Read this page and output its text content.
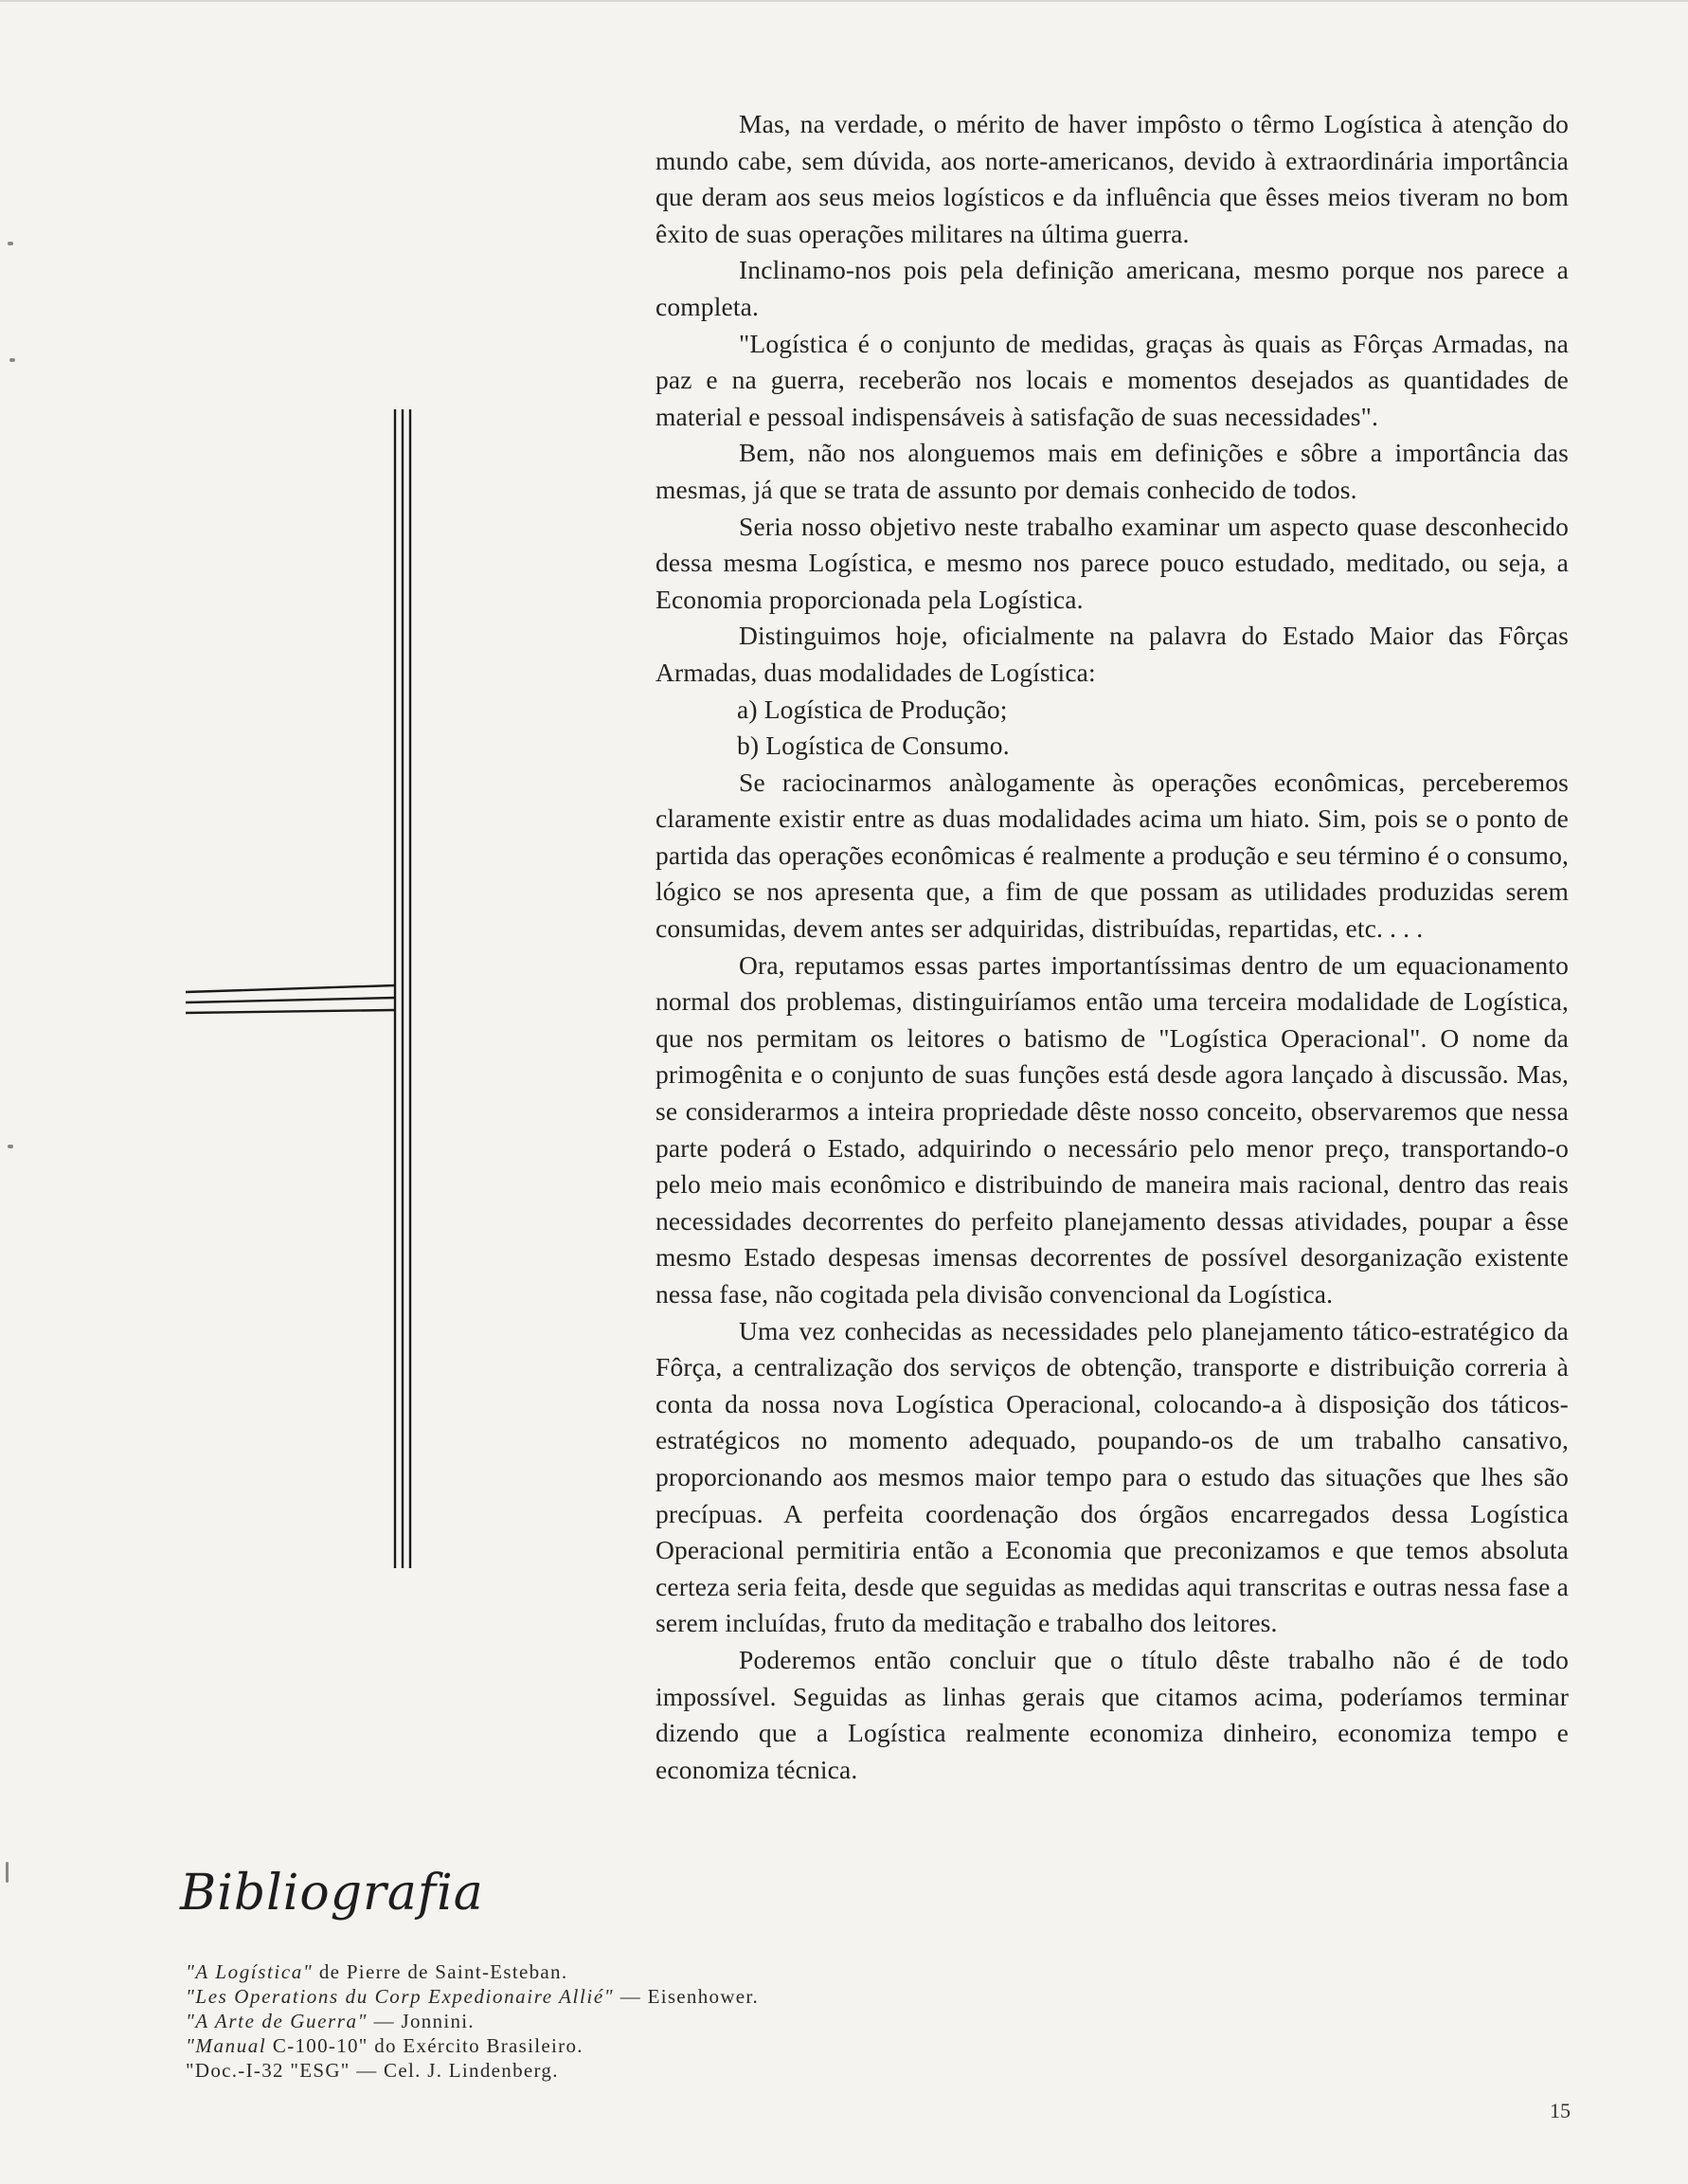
Mas, na verdade, o mérito de haver impôsto o têrmo Logística à atenção do mundo cabe, sem dúvida, aos norte-americanos, devido à extraordinária importância que deram aos seus meios logísticos e da influência que êsses meios tiveram no bom êxito de suas operações militares na última guerra.

Inclinamo-nos pois pela definição americana, mesmo porque nos parece a completa.

"Logística é o conjunto de medidas, graças às quais as Fôrças Armadas, na paz e na guerra, receberão nos locais e momentos desejados as quantidades de material e pessoal indispensáveis à satisfação de suas necessidades".

Bem, não nos alonguemos mais em definições e sôbre a importância das mesmas, já que se trata de assunto por demais conhecido de todos.

Seria nosso objetivo neste trabalho examinar um aspecto quase desconhecido dessa mesma Logística, e mesmo nos parece pouco estudado, meditado, ou seja, a Economia proporcionada pela Logística.

Distinguimos hoje, oficialmente na palavra do Estado Maior das Fôrças Armadas, duas modalidades de Logística:

a) Logística de Produção;

b) Logística de Consumo.

Se raciocinarmos anàlogamente às operações econômicas, perceberemos claramente existir entre as duas modalidades acima um hiato. Sim, pois se o ponto de partida das operações econômicas é realmente a produção e seu término é o consumo, lógico se nos apresenta que, a fim de que possam as utilidades produzidas serem consumidas, devem antes ser adquiridas, distribuídas, repartidas, etc. . . .

Ora, reputamos essas partes importantíssimas dentro de um equacionamento normal dos problemas, distinguiríamos então uma terceira modalidade de Logística, que nos permitam os leitores o batismo de "Logística Operacional". O nome da primogênita e o conjunto de suas funções está desde agora lançado à discussão. Mas, se considerarmos a inteira propriedade dêste nosso conceito, observaremos que nessa parte poderá o Estado, adquirindo o necessário pelo menor preço, transportando-o pelo meio mais econômico e distribuindo de maneira mais racional, dentro das reais necessidades decorrentes do perfeito planejamento dessas atividades, poupar a êsse mesmo Estado despesas imensas decorrentes de possível desorganização existente nessa fase, não cogitada pela divisão convencional da Logística.

Uma vez conhecidas as necessidades pelo planejamento tático-estratégico da Fôrça, a centralização dos serviços de obtenção, transporte e distribuição correria à conta da nossa nova Logística Operacional, colocando-a à disposição dos táticos-estratégicos no momento adequado, poupando-os de um trabalho cansativo, proporcionando aos mesmos maior tempo para o estudo das situações que lhes são precípuas. A perfeita coordenação dos órgãos encarregados dessa Logística Operacional permitiria então a Economia que preconizamos e que temos absoluta certeza seria feita, desde que seguidas as medidas aqui transcritas e outras nessa fase a serem incluídas, fruto da meditação e trabalho dos leitores.

Poderemos então concluir que o título dêste trabalho não é de todo impossível. Seguidas as linhas gerais que citamos acima, poderíamos terminar dizendo que a Logística realmente economiza dinheiro, economiza tempo e economiza técnica.

Bibliografia
"A Logística" de Pierre de Saint-Esteban.
"Les Operations du Corp Expedionaire Allié" — Eisenhower.
"A Arte de Guerra" — Jonnini.
"Manual C-100-10" do Exército Brasileiro.
"Doc.-I-32 "ESG" — Cel. J. Lindenberg.
15
